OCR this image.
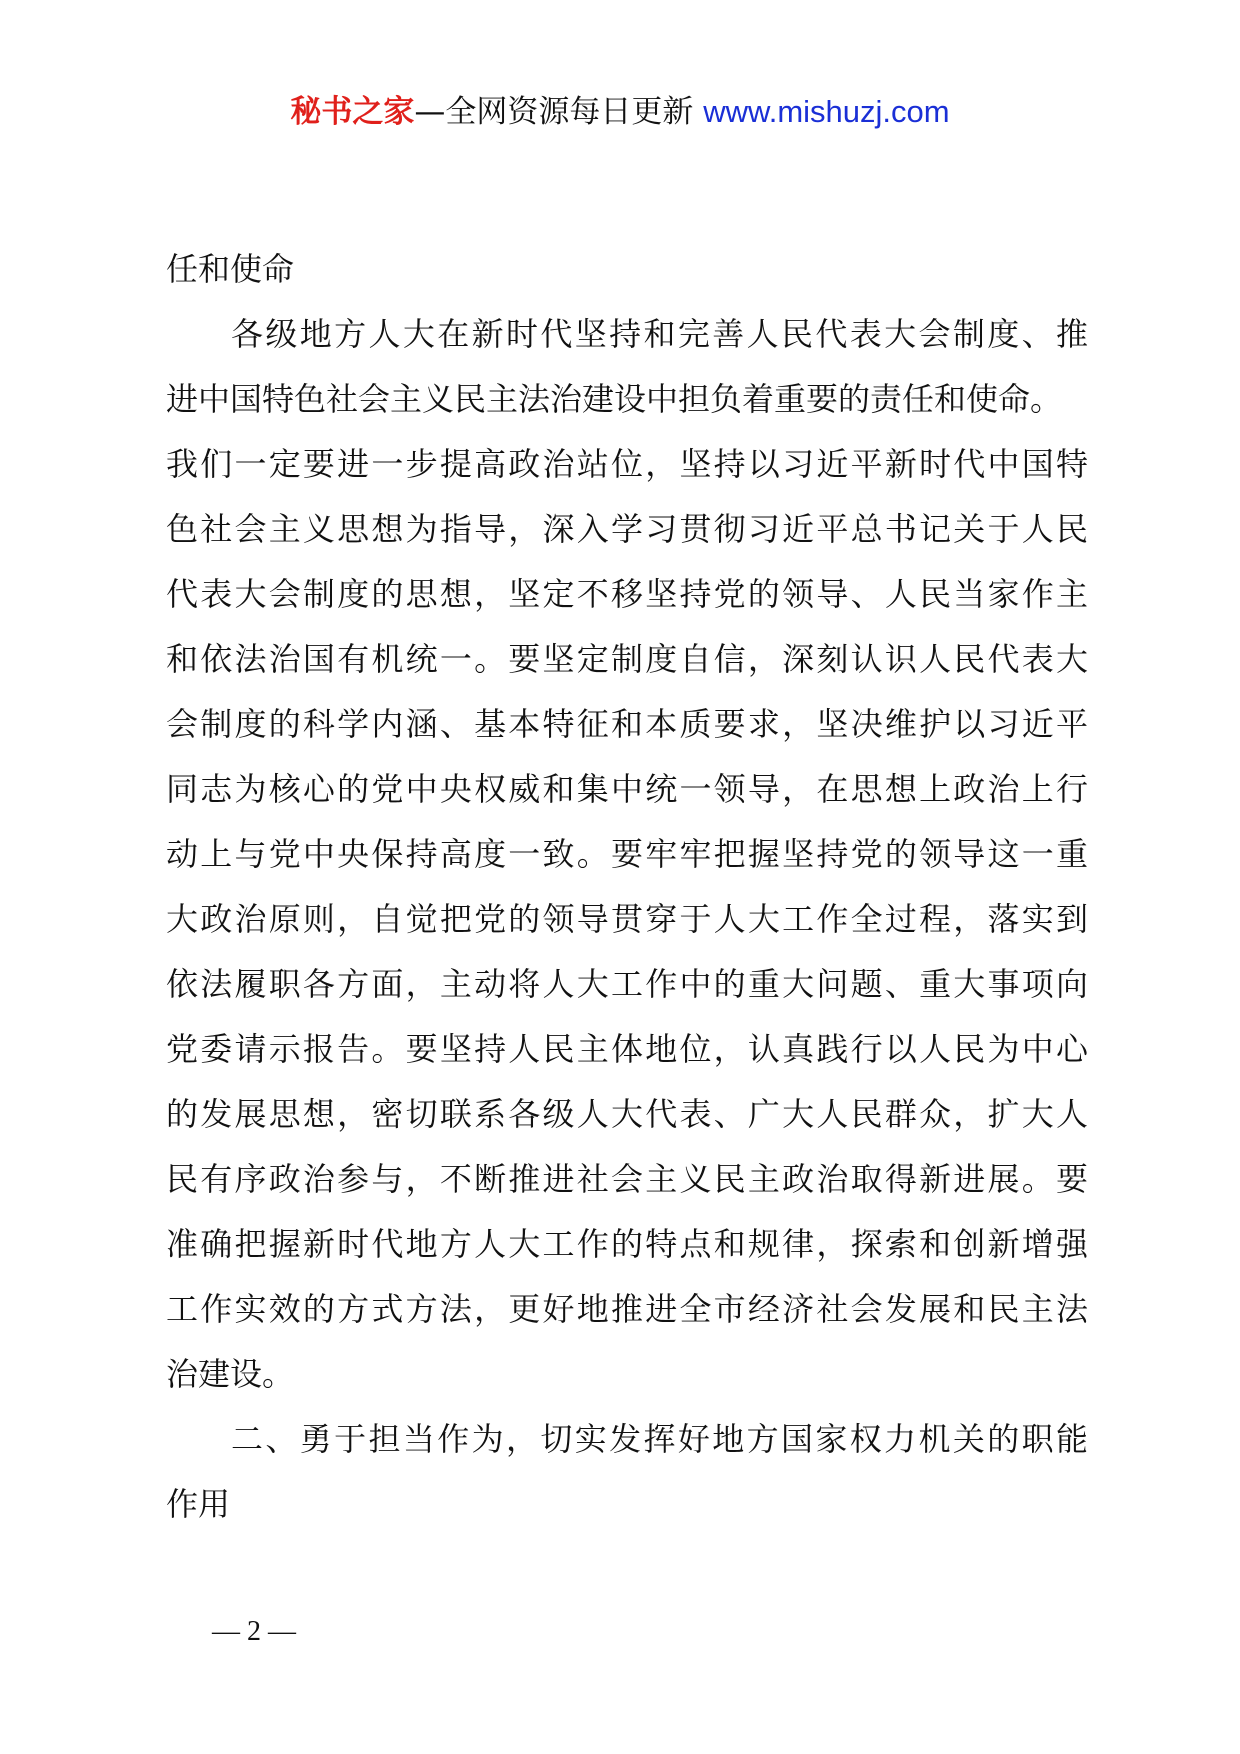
秘书之家—全网资源每日更新 www.mishuzj.com
任和使命
各级地方人大在新时代坚持和完善人民代表大会制度、推
进中国特色社会主义民主法治建设中担负着重要的责任和使命。
我们一定要进一步提高政治站位，坚持以习近平新时代中国特
色社会主义思想为指导，深入学习贯彻习近平总书记关于人民
代表大会制度的思想，坚定不移坚持党的领导、人民当家作主
和依法治国有机统一。要坚定制度自信，深刻认识人民代表大
会制度的科学内涵、基本特征和本质要求，坚决维护以习近平
同志为核心的党中央权威和集中统一领导，在思想上政治上行
动上与党中央保持高度一致。要牢牢把握坚持党的领导这一重
大政治原则，自觉把党的领导贯穿于人大工作全过程，落实到
依法履职各方面，主动将人大工作中的重大问题、重大事项向
党委请示报告。要坚持人民主体地位，认真践行以人民为中心
的发展思想，密切联系各级人大代表、广大人民群众，扩大人
民有序政治参与，不断推进社会主义民主政治取得新进展。要
准确把握新时代地方人大工作的特点和规律，探索和创新增强
工作实效的方式方法，更好地推进全市经济社会发展和民主法
治建设。
二、勇于担当作为，切实发挥好地方国家权力机关的职能
作用
— 2 —
